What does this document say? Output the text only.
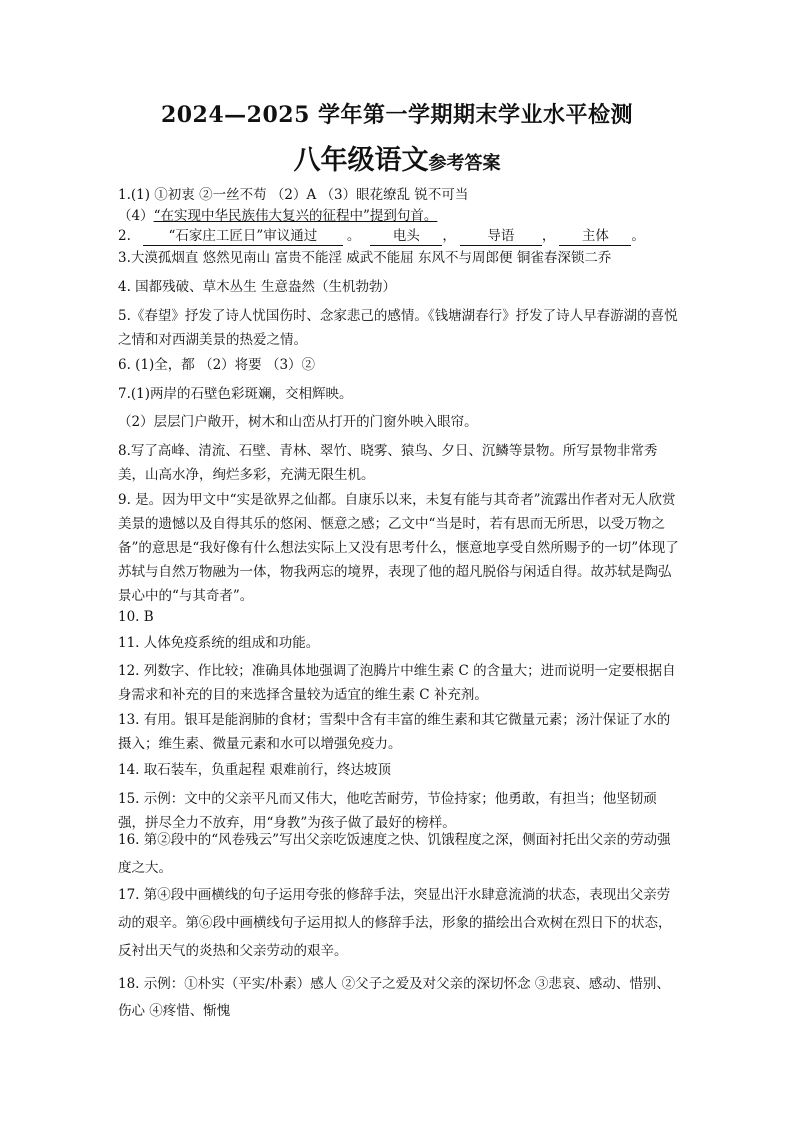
2024—2025 学年第一学期期末学业水平检测
八年级语文参考答案
1.(1) ①初衷 ②一丝不苟 （2）A （3）眼花缭乱 锐不可当
（4）“在实现中华民族伟大复兴的征程中”提到句首。
2.	“石家庄工匠日”审议通过 。 电头 ， 导语 ， 主体 。
3.大漠孤烟直 悠然见南山 富贵不能淫 威武不能屈 东风不与周郎便 铜雀春深锁二乔
4. 国都残破、草木丛生 生意盎然（生机勃勃）
5.《春望》抒发了诗人忧国伤时、念家悲己的感情。《钱塘湖春行》抒发了诗人早春游湖的喜悦之情和对西湖美景的热爱之情。
6. (1)全，都 （2）将要 （3）②
7.(1)两岸的石壁色彩斑斓，交相辉映。
（2）层层门户敞开，树木和山峦从打开的门窗外映入眼帘。
8.写了高峰、清流、石壁、青林、翠竹、晓雾、猿鸟、夕日、沉鳞等景物。所写景物非常秀美，山高水净，绚烂多彩，充满无限生机。
9. 是。因为甲文中“实是欲界之仙都。自康乐以来，未复有能与其奇者”流露出作者对无人欣赏美景的遗憾以及自得其乐的悠闲、惬意之感；乙文中“当是时，若有思而无所思，以受万物之备”的意思是“我好像有什么想法实际上又没有思考什么，惬意地享受自然所赐予的一切”体现了苏轼与自然万物融为一体，物我两忘的境界，表现了他的超凡脱俗与闲适自得。故苏轼是陶弘景心中的“与其奇者”。
10. B
11. 人体免疫系统的组成和功能。
12. 列数字、作比较；准确具体地强调了泡腾片中维生素 C 的含量大；进而说明一定要根据自身需求和补充的目的来选择含量较为适宜的维生素 C 补充剂。
13. 有用。银耳是能润肺的食材；雪梨中含有丰富的维生素和其它微量元素；汤汁保证了水的摄入；维生素、微量元素和水可以增强免疫力。
14. 取石装车，负重起程 艰难前行，终达坡顶
15. 示例：文中的父亲平凡而又伟大，他吃苦耐劳，节俭持家；他勇敢，有担当；他坚韧顽强，拼尽全力不放弃，用“身教”为孩子做了最好的榜样。
16. 第②段中的“风卷残云”写出父亲吃饭速度之快、饥饿程度之深，侧面衬托出父亲的劳动强度之大。
17. 第④段中画横线的句子运用夸张的修辞手法，突显出汗水肆意流淌的状态，表现出父亲劳动的艰辛。第⑥段中画横线句子运用拟人的修辞手法，形象的描绘出合欢树在烈日下的状态，反衬出天气的炎热和父亲劳动的艰辛。
18. 示例：①朴实（平实/朴素）感人 ②父子之爱及对父亲的深切怀念 ③悲哀、感动、惜别、伤心 ④疼惜、惭愧
